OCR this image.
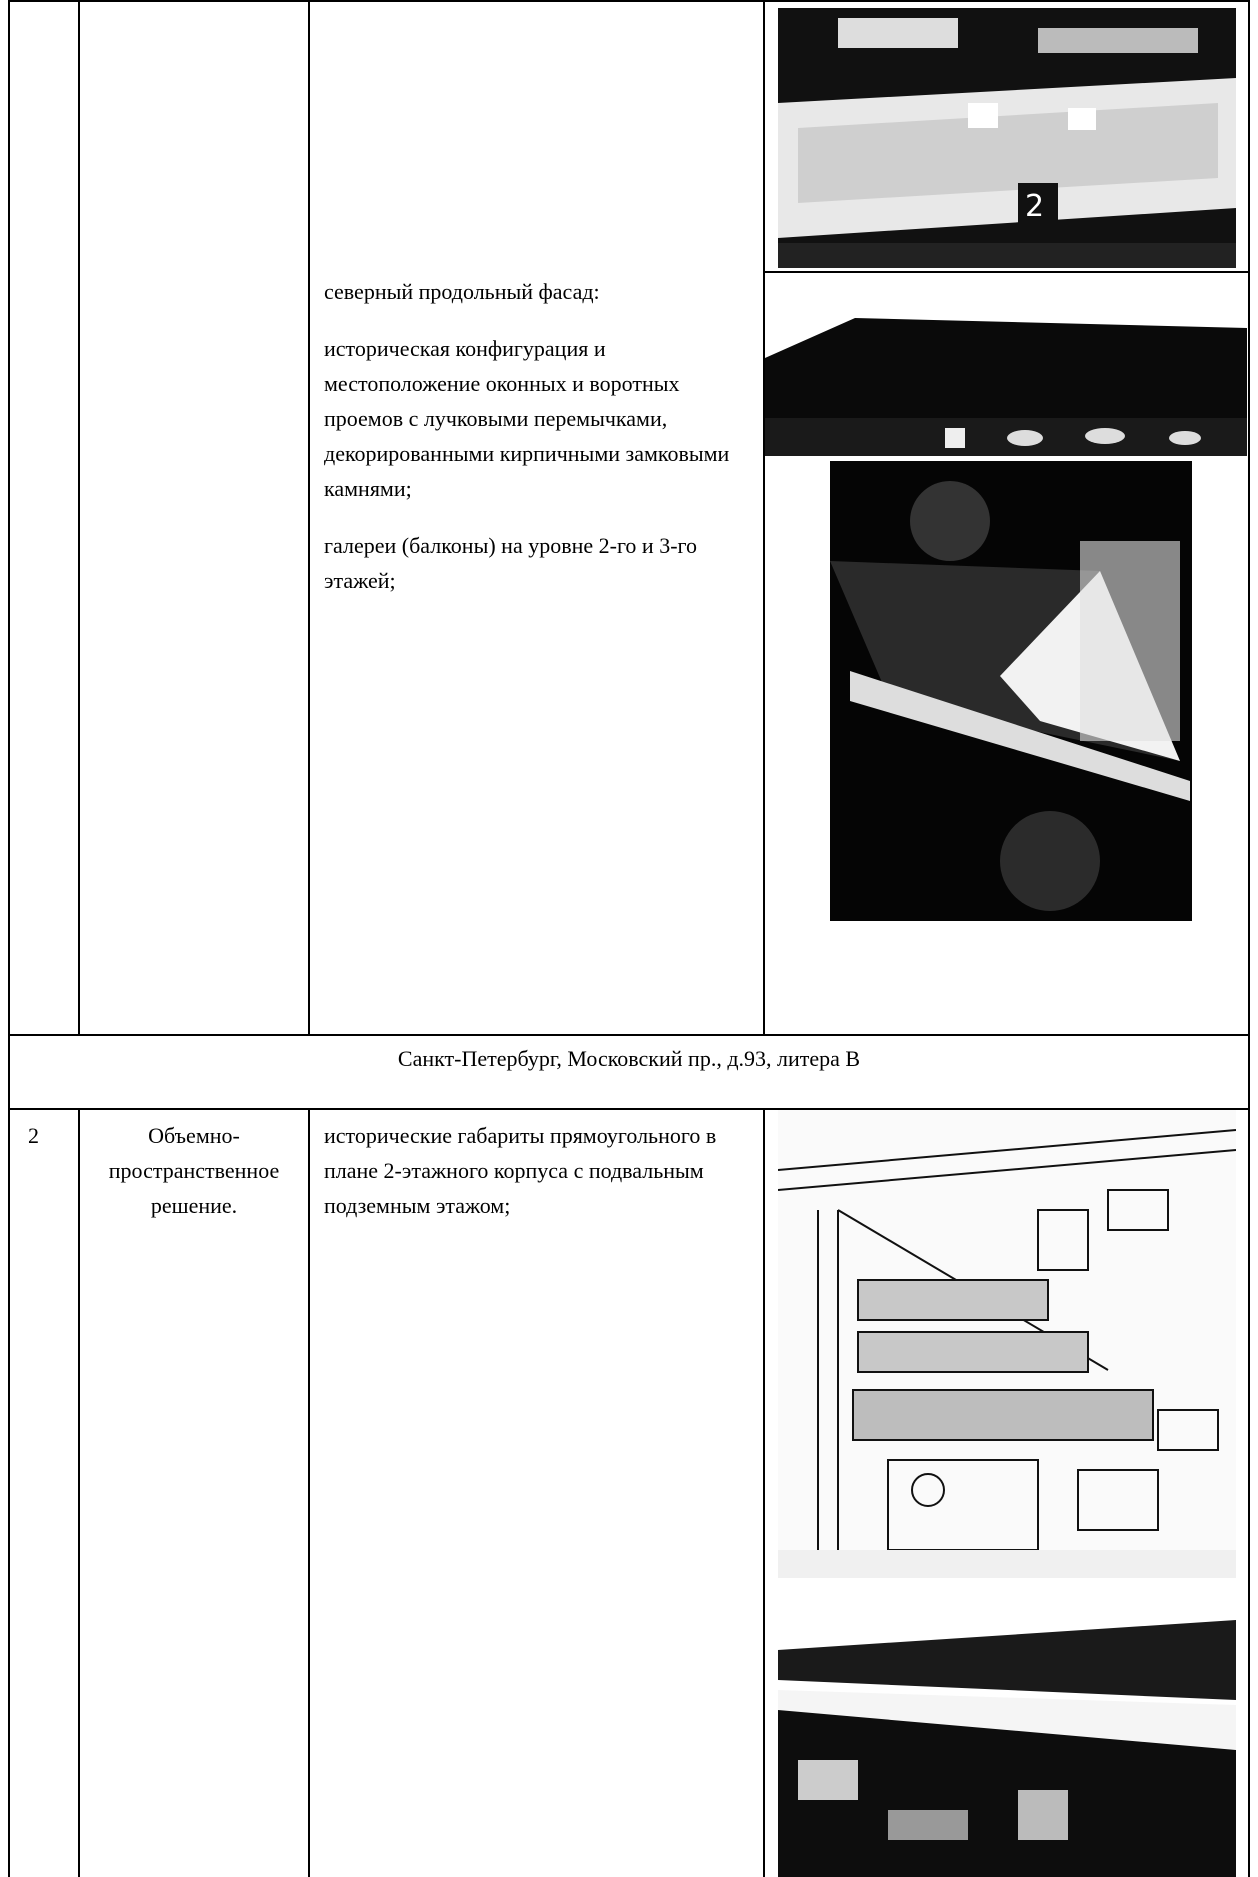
северный продольный фасад:

историческая конфигурация и местоположение оконных и воротных проемов с лучковыми перемычками, декорированными кирпичными замковыми камнями;

галереи (балконы) на уровне 2-го и 3-го этажей;

2
Санкт-Петербург, Московский пр., д.93, литера В
2	Объемно-пространственное решение.
исторические габариты прямоугольного в плане 2-этажного корпуса с подвальным подземным этажом;
